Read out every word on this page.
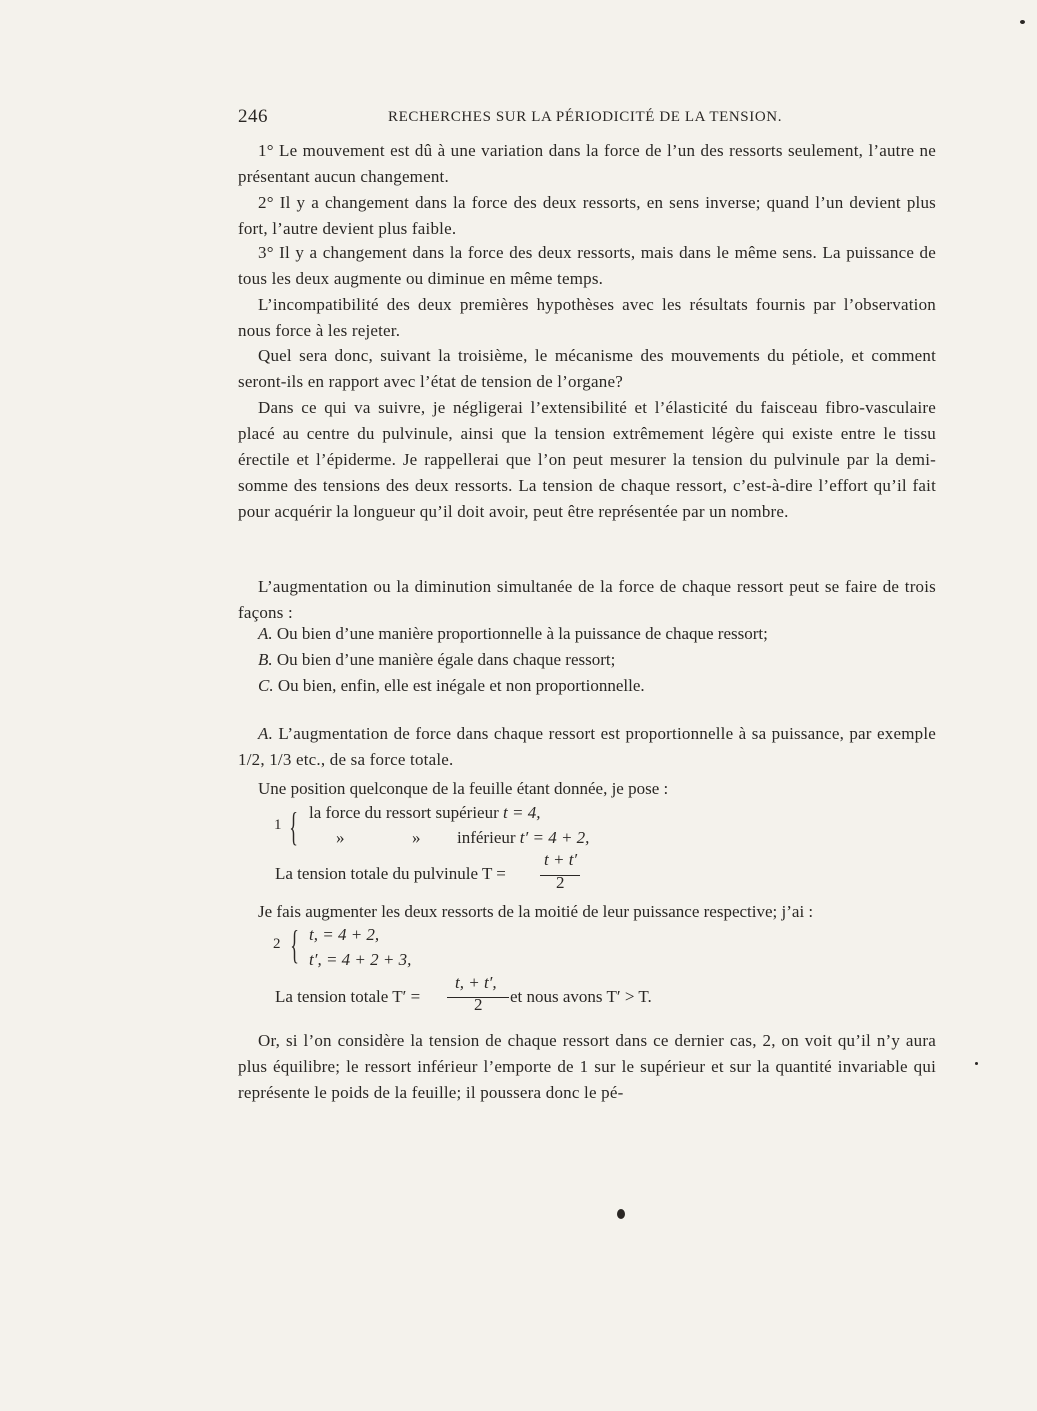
246	RECHERCHES SUR LA PÉRIODICITÉ DE LA TENSION.

1° Le mouvement est dû à une variation dans la force de l’un des ressorts seulement, l’autre ne présentant aucun changement.

2° Il y a changement dans la force des deux ressorts, en sens inverse; quand l’un devient plus fort, l’autre devient plus faible.

3° Il y a changement dans la force des deux ressorts, mais dans le même sens. La puissance de tous les deux augmente ou diminue en même temps.

L’incompatibilité des deux premières hypothèses avec les résultats fournis par l’observation nous force à les rejeter.

Quel sera donc, suivant la troisième, le mécanisme des mouvements du pétiole, et comment seront-ils en rapport avec l’état de tension de l’organe?

Dans ce qui va suivre, je négligerai l’extensibilité et l’élasticité du faisceau fibro-vasculaire placé au centre du pulvinule, ainsi que la tension extrêmement légère qui existe entre le tissu érectile et l’épiderme. Je rappellerai que l’on peut mesurer la tension du pulvinule par la demi-somme des tensions des deux ressorts. La tension de chaque ressort, c’est-à-dire l’effort qu’il fait pour acquérir la longueur qu’il doit avoir, peut être représentée par un nombre.

L’augmentation ou la diminution simultanée de la force de chaque ressort peut se faire de trois façons :

A. Ou bien d’une manière proportionnelle à la puissance de chaque ressort;
B. Ou bien d’une manière égale dans chaque ressort;
C. Ou bien, enfin, elle est inégale et non proportionnelle.

A. L’augmentation de force dans chaque ressort est proportionnelle à sa puissance, par exemple 1/2, 1/3 etc., de sa force totale.

Une position quelconque de la feuille étant donnée, je pose :
1 { la force du ressort supérieur t = 4,
»	» inférieur t′ = 4 + 2,
t + t′
La tension totale du pulvinule T =	2
Je fais augmenter les deux ressorts de la moitié de leur puissance respective; j’ai :
2 { t, = 4 + 2,
t′, = 4 + 2 + 3,
t, + t′,
La tension totale T′ =	2 et nous avons T′ > T.

Or, si l’on considère la tension de chaque ressort dans ce dernier cas, 2, on voit qu’il n’y aura plus équilibre; le ressort inférieur l’emporte de 1 sur le supérieur et sur la quantité invariable qui représente le poids de la feuille; il poussera donc le pé-
